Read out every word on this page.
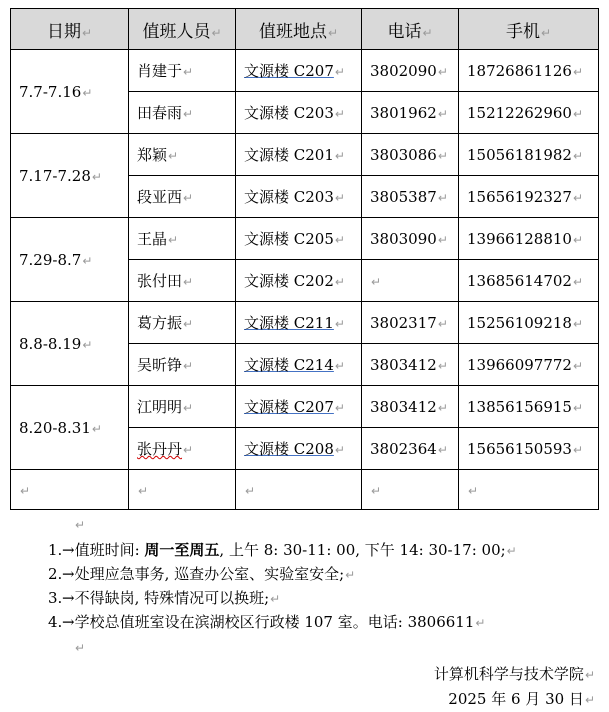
日期↵	值班人员↵	值班地点↵	电话↵	手机↵
7.7-7.16↵	肖建于↵	文源楼 C207↵	3802090↵	18726861126↵
	田春雨↵	文源楼 C203↵	3801962↵	15212262960↵
7.17-7.28↵	郑颖↵	文源楼 C201↵	3803086↵	15056181982↵
	段亚西↵	文源楼 C203↵	3805387↵	15656192327↵
7.29-8.7↵	王晶↵	文源楼 C205↵	3803090↵	13966128810↵
	张付田↵	文源楼 C202↵	↵	13685614702↵
8.8-8.19↵	葛方振↵	文源楼 C211↵	3802317↵	15256109218↵
	吴昕铮↵	文源楼 C214↵	3803412↵	13966097772↵
8.20-8.31↵	江明明↵	文源楼 C207↵	3803412↵	13856156915↵
	张丹丹↵	文源楼 C208↵	3802364↵	15656150593↵
↵	↵	↵	↵	↵
↵
1.→值班时间: 周一至周五, 上午 8: 30-11: 00, 下午 14: 30-17: 00;↵
2.→处理应急事务, 巡查办公室、实验室安全;↵
3.→不得缺岗, 特殊情况可以换班;↵
4.→学校总值班室设在滨湖校区行政楼 107 室。电话: 3806611↵
↵
计算机科学与技术学院↵
2025 年 6 月 30 日↵
